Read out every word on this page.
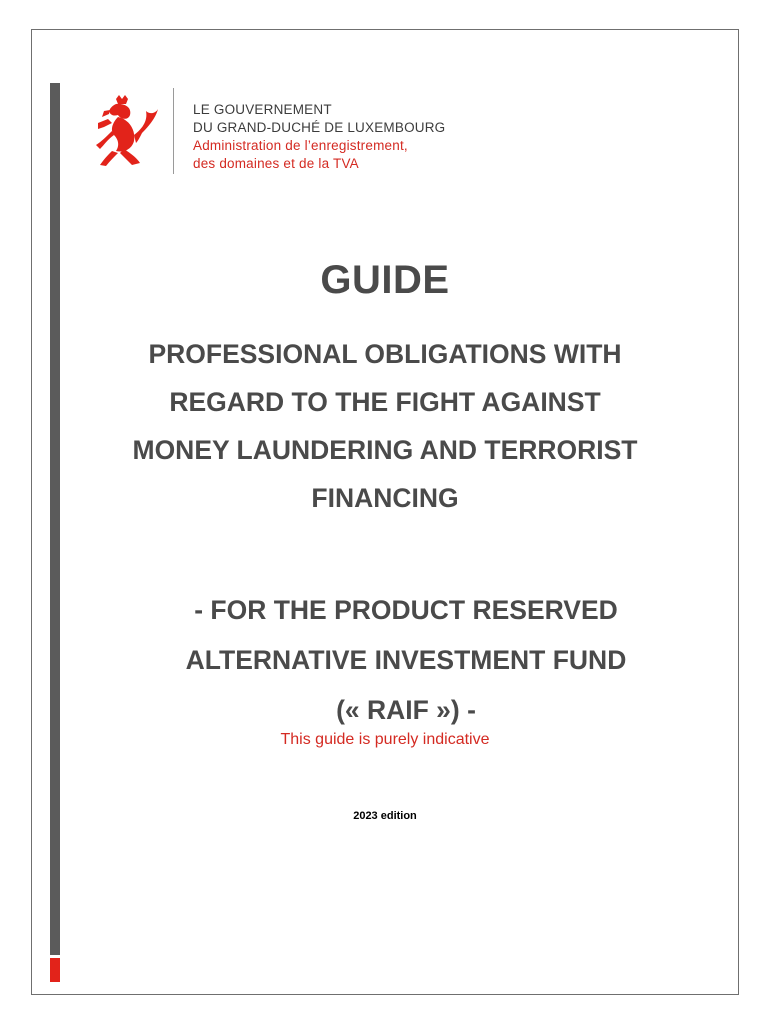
LE GOUVERNEMENT
DU GRAND-DUCHÉ DE LUXEMBOURG
Administration de l’enregistrement,
des domaines et de la TVA
GUIDE
PROFESSIONAL OBLIGATIONS WITH
REGARD TO THE FIGHT AGAINST
MONEY LAUNDERING AND TERRORIST
FINANCING
- FOR THE PRODUCT RESERVED
ALTERNATIVE INVESTMENT FUND
(« RAIF ») -
This guide is purely indicative
2023 edition
